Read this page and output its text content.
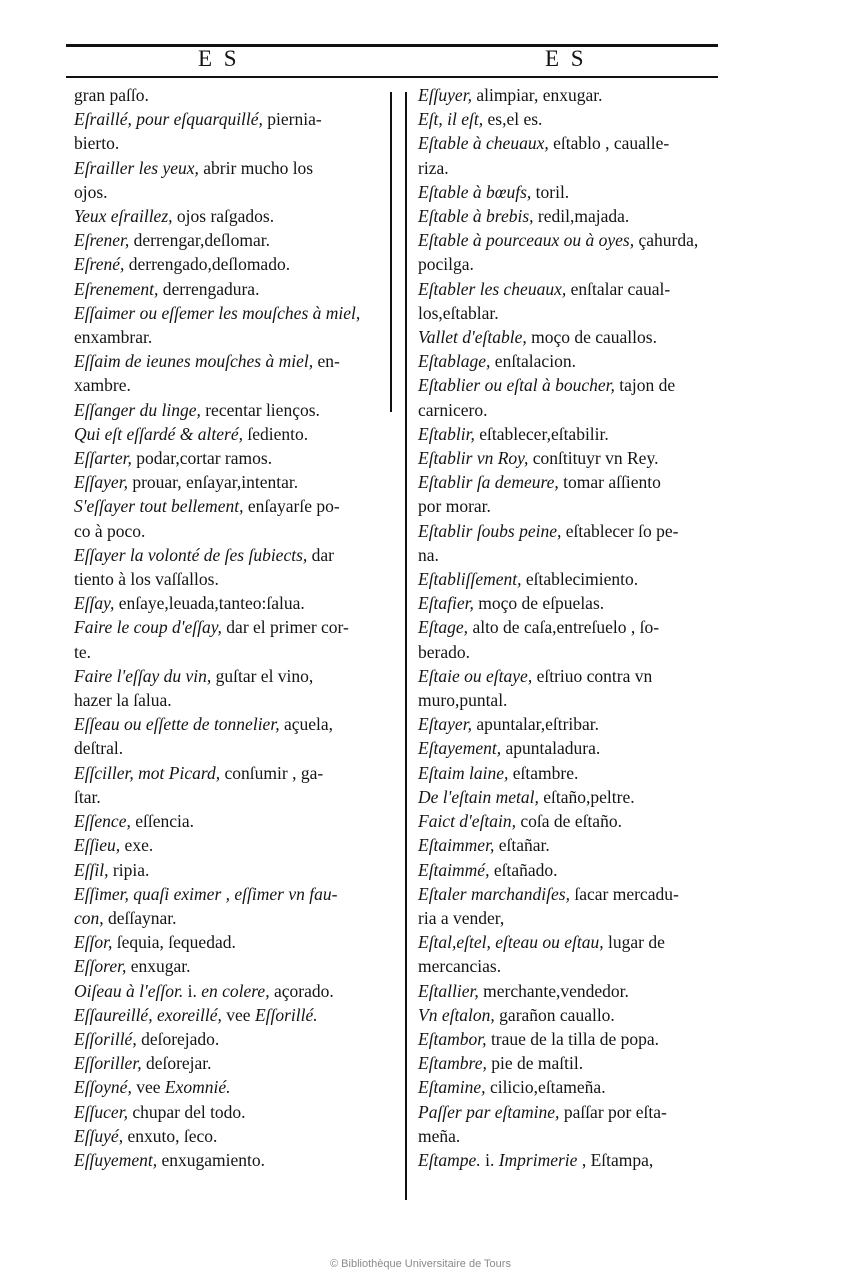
E S	E S
gran paſſo.
Eſraillé, pour eſquarquillé, piernia-
bierto.
Eſrailler les yeux, abrir mucho los
ojos.
Yeux eſraillez, ojos raſgados.
Eſrener, derrengar,deſlomar.
Eſrené, derrengado,deſlomado.
Eſrenement, derrengadura.
Eſſaimer ou eſſemer les mouſches à miel,
enxambrar.
Eſſaim de ieunes mouſches à miel, en-
xambre.
Eſſanger du linge, recentar lienços.
Qui eſt eſſardé & alteré, ſediento.
Eſſarter, podar,cortar ramos.
Eſſayer, prouar, enſayar,intentar.
S'eſſayer tout bellement, enſayarſe po-
co à poco.
Eſſayer la volonté de ſes ſubiects, dar
tiento à los vaſſallos.
Eſſay, enſaye,leuada,tanteo:ſalua.
Faire le coup d'eſſay, dar el primer cor-
te.
Faire l'eſſay du vin, guſtar el vino,
hazer la ſalua.
Eſſeau ou eſſette de tonnelier, açuela,
deſtral.
Eſſciller, mot Picard, conſumir , ga-
ſtar.
Eſſence, eſſencia.
Eſſieu, exe.
Eſſil, ripia.
Eſſimer, quaſi eximer , eſſimer vn fau-
con, deſſaynar.
Eſſor, ſequia, ſequedad.
Eſſorer, enxugar.
Oiſeau à l'eſſor. i. en colere, açorado.
Eſſaureillé, exoreillé, vee Eſſorillé.
Eſſorillé, deſorejado.
Eſſoriller, deſorejar.
Eſſoyné, vee Exomnié.
Eſſucer, chupar del todo.
Eſſuyé, enxuto, ſeco.
Eſſuyement, enxugamiento.
Eſſuyer, alimpiar, enxugar.
Eſt, il eſt, es,el es.
Eſtable à cheuaux, eſtablo , caualle-
riza.
Eſtable à bœufs, toril.
Eſtable à brebis, redil,majada.
Eſtable à pourceaux ou à oyes, çahurda,
pocilga.
Eſtabler les cheuaux, enſtalar caual-
los,eſtablar.
Vallet d'eſtable, moço de cauallos.
Eſtablage, enſtalacion.
Eſtablier ou eſtal à boucher, tajon de
carnicero.
Eſtablir, eſtablecer,eſtabilir.
Eſtablir vn Roy, conſtituyr vn Rey.
Eſtablir ſa demeure, tomar aſſiento
por morar.
Eſtablir ſoubs peine, eſtablecer ſo pe-
na.
Eſtabliſſement, eſtablecimiento.
Eſtafier, moço de eſpuelas.
Eſtage, alto de caſa,entreſuelo , ſo-
berado.
Eſtaie ou eſtaye, eſtriuo contra vn
muro,puntal.
Eſtayer, apuntalar,eſtribar.
Eſtayement, apuntaladura.
Eſtaim laine, eſtambre.
De l'eſtain metal, eſtaño,peltre.
Faict d'eſtain, coſa de eſtaño.
Eſtaimmer, eſtañar.
Eſtaimmé, eſtañado.
Eſtaler marchandiſes, ſacar mercadu-
ria a vender,
Eſtal,eſtel, eſteau ou eſtau, lugar de
mercancias.
Eſtallier, merchante,vendedor.
Vn eſtalon, garañon cauallo.
Eſtambor, traue de la tilla de popa.
Eſtambre, pie de maſtil.
Eſtamine, cilicio,eſtameña.
Paſſer par eſtamine, paſſar por eſta-
meña.
Eſtampe. i. Imprimerie , Eſtampa,
© Bibliothèque Universitaire de Tours
